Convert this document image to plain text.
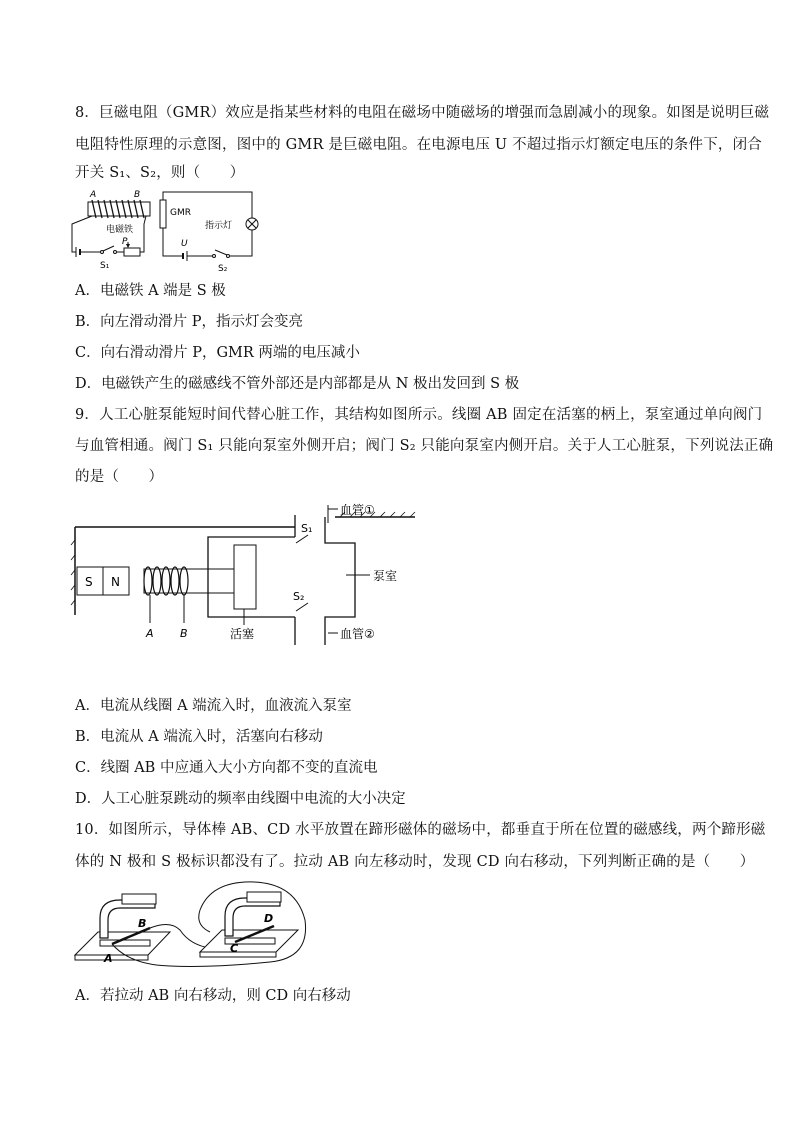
8．巨磁电阻（GMR）效应是指某些材料的电阻在磁场中随磁场的增强而急剧减小的现象。如图是说明巨磁
电阻特性原理的示意图，图中的 GMR 是巨磁电阻。在电源电压 U 不超过指示灯额定电压的条件下，闭合
开关 S₁、S₂，则（　　）
A	B
电磁铁
S₁
P
GMR
指示灯
S₂
U
A．电磁铁 A 端是 S 极
B．向左滑动滑片 P，指示灯会变亮
C．向右滑动滑片 P，GMR 两端的电压减小
D．电磁铁产生的磁感线不管外部还是内部都是从 N 极出发回到 S 极
9．人工心脏泵能短时间代替心脏工作，其结构如图所示。线圈 AB 固定在活塞的柄上，泵室通过单向阀门
与血管相通。阀门 S₁ 只能向泵室外侧开启；阀门 S₂ 只能向泵室内侧开启。关于人工心脏泵，下列说法正确
的是（　　）
S N
A B	活塞
S₁
S₂
血管①
泵室
血管②
A．电流从线圈 A 端流入时，血液流入泵室
B．电流从 A 端流入时，活塞向右移动
C．线圈 AB 中应通入大小方向都不变的直流电
D．人工心脏泵跳动的频率由线圈中电流的大小决定
10．如图所示，导体棒 AB、CD 水平放置在蹄形磁体的磁场中，都垂直于所在位置的磁感线，两个蹄形磁
体的 N 极和 S 极标识都没有了。拉动 AB 向左移动时，发现 CD 向右移动，下列判断正确的是（　　）
A
B
C
D
A．若拉动 AB 向右移动，则 CD 向右移动
